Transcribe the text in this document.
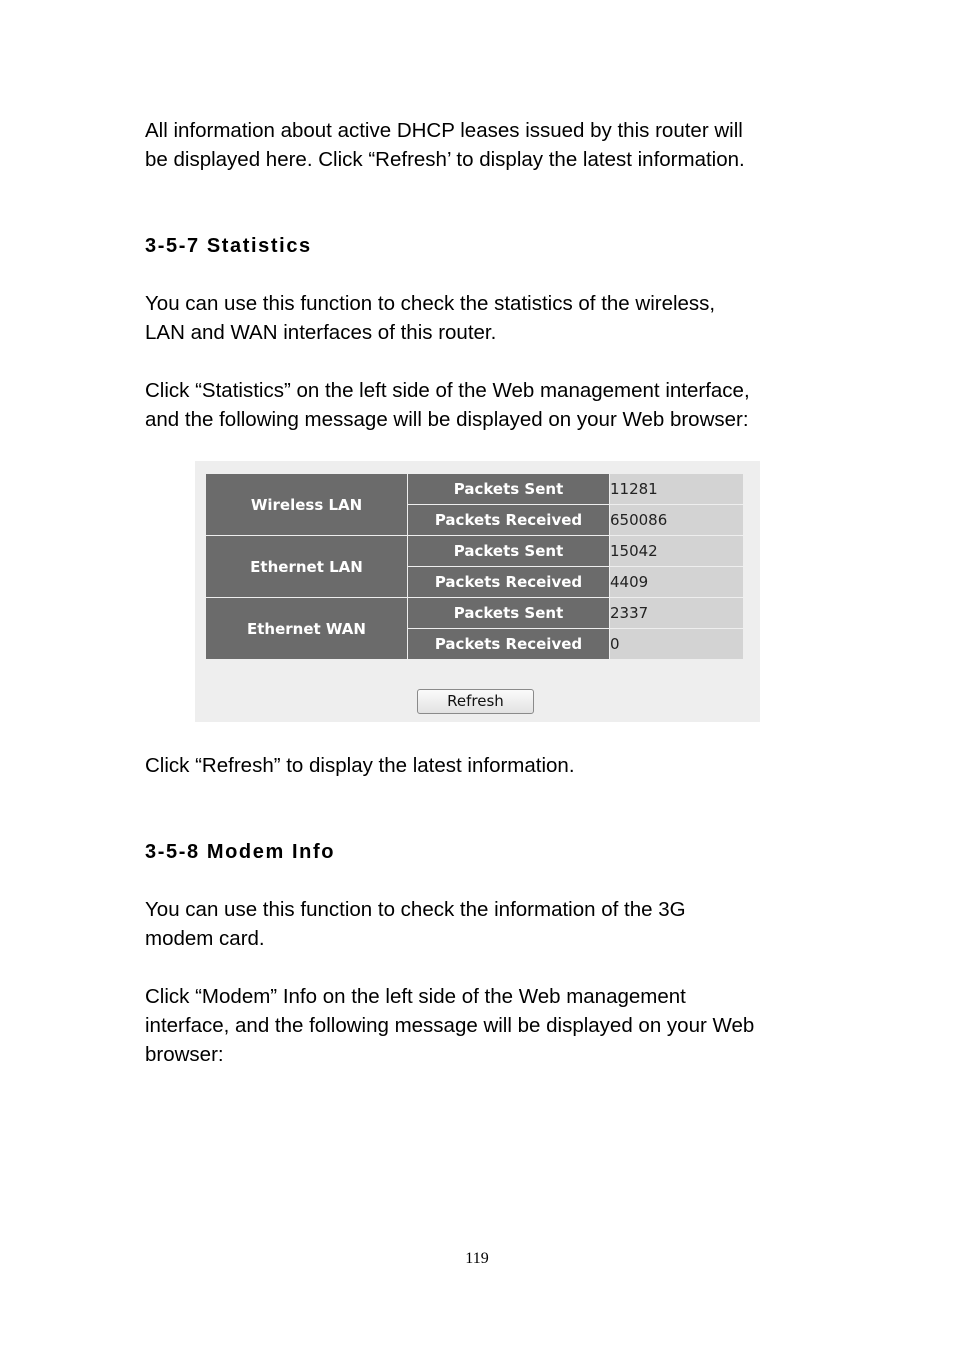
All information about active DHCP leases issued by this router will
be displayed here. Click “Refresh’ to display the latest information.

3-5-7 Statistics

You can use this function to check the statistics of the wireless,
LAN and WAN interfaces of this router.

Click “Statistics” on the left side of the Web management interface,
and the following message will be displayed on your Web browser:

Wireless LAN	Packets Sent	11281
	Packets Received	650086
Ethernet LAN	Packets Sent	15042
	Packets Received	4409
Ethernet WAN	Packets Sent	2337
	Packets Received	0
Refresh

Click “Refresh” to display the latest information.

3-5-8 Modem Info

You can use this function to check the information of the 3G
modem card.

Click “Modem” Info on the left side of the Web management
interface, and the following message will be displayed on your Web
browser:

119
